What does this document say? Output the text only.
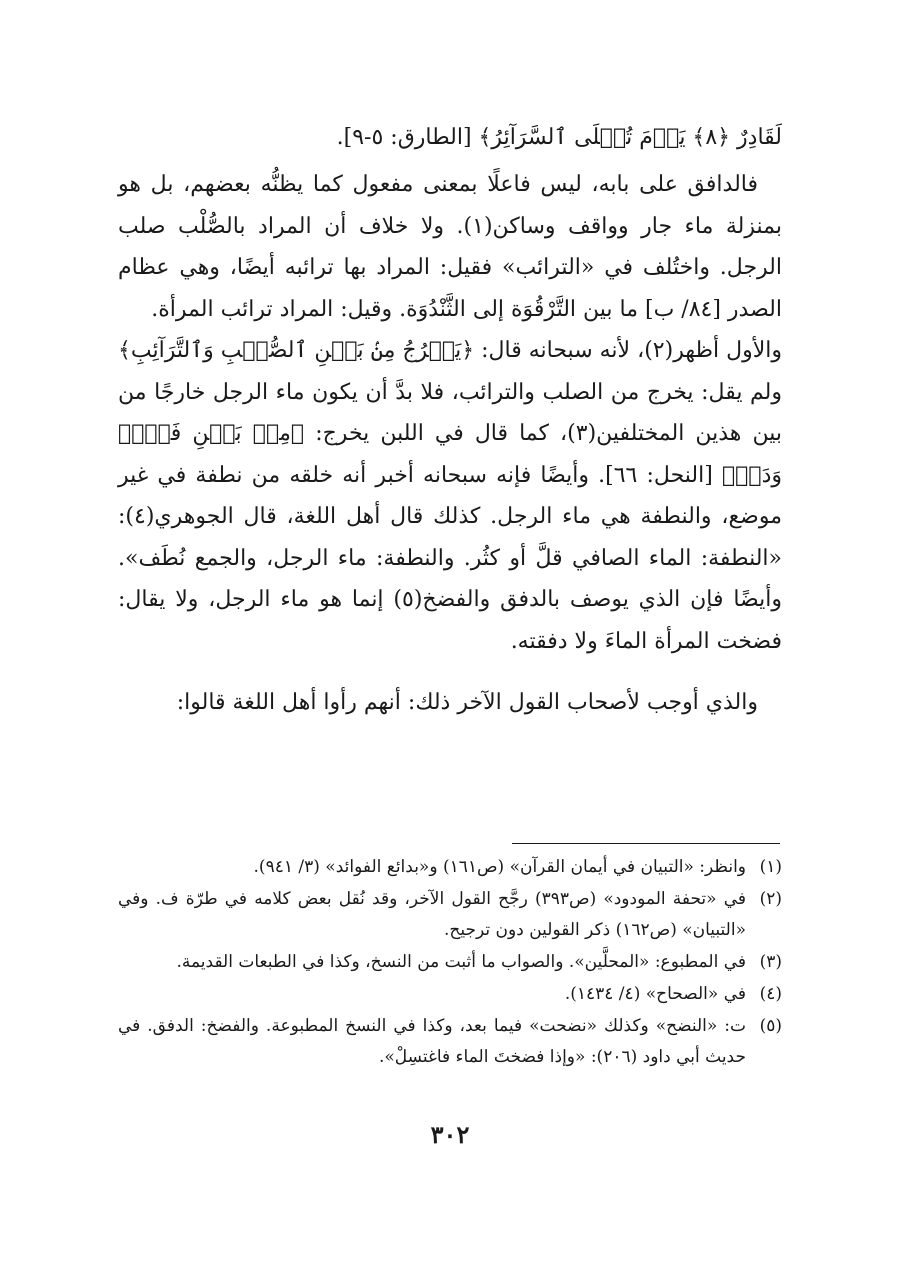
لَقَادِرٌ ﴿٨﴾ يَوۡمَ تُبۡلَى ٱلسَّرَآئِرُ﴾ [الطارق: ٥-٩].

فالدافق على بابه، ليس فاعلًا بمعنى مفعول كما يظنُّه بعضهم، بل هو بمنزلة ماء جار وواقف وساكن(١). ولا خلاف أن المراد بالصُّلْب صلب الرجل. واختُلف في «الترائب» فقيل: المراد بها ترائبه أيضًا، وهي عظام الصدر [٨٤/ ب] ما بين التَّرْقُوَة إلى الثَّنْدُوَة. وقيل: المراد ترائب المرأة.

والأول أظهر(٢)، لأنه سبحانه قال: ﴿يَخۡرُجُ مِنۢ بَيۡنِ ٱلصُّلۡبِ وَٱلتَّرَآئِبِ﴾ ولم يقل: يخرج من الصلب والترائب، فلا بدَّ أن يكون ماء الرجل خارجًا من بين هذين المختلفين(٣)، كما قال في اللبن يخرج: ﴿مِنۢ بَيۡنِ فَرۡثٖ وَدَمٖ﴾ [النحل: ٦٦]. وأيضًا فإنه سبحانه أخبر أنه خلقه من نطفة في غير موضع، والنطفة هي ماء الرجل. كذلك قال أهل اللغة، قال الجوهري(٤): «النطفة: الماء الصافي قلَّ أو كثُر. والنطفة: ماء الرجل، والجمع نُطَف». وأيضًا فإن الذي يوصف بالدفق والفضخ(٥) إنما هو ماء الرجل، ولا يقال: فضخت المرأة الماءَ ولا دفقته.

والذي أوجب لأصحاب القول الآخر ذلك: أنهم رأوا أهل اللغة قالوا:

(١)
وانظر: «التبيان في أيمان القرآن» (ص١٦١) و«بدائع الفوائد» (٣/ ٩٤١).
(٢)
في «تحفة المودود» (ص٣٩٣) رجَّح القول الآخر، وقد نُقل بعض كلامه في طرّة ف. وفي «التبيان» (ص١٦٢) ذكر القولين دون ترجيح.
(٣)
في المطبوع: «المحلَّين». والصواب ما أثبت من النسخ، وكذا في الطبعات القديمة.
(٤)
في «الصحاح» (٤/ ١٤٣٤).
(٥)
ت: «النضح» وكذلك «نضحت» فيما بعد، وكذا في النسخ المطبوعة. والفضخ: الدفق. في حديث أبي داود (٢٠٦): «وإذا فضختَ الماء فاغتسِلْ».
٣٠٢
